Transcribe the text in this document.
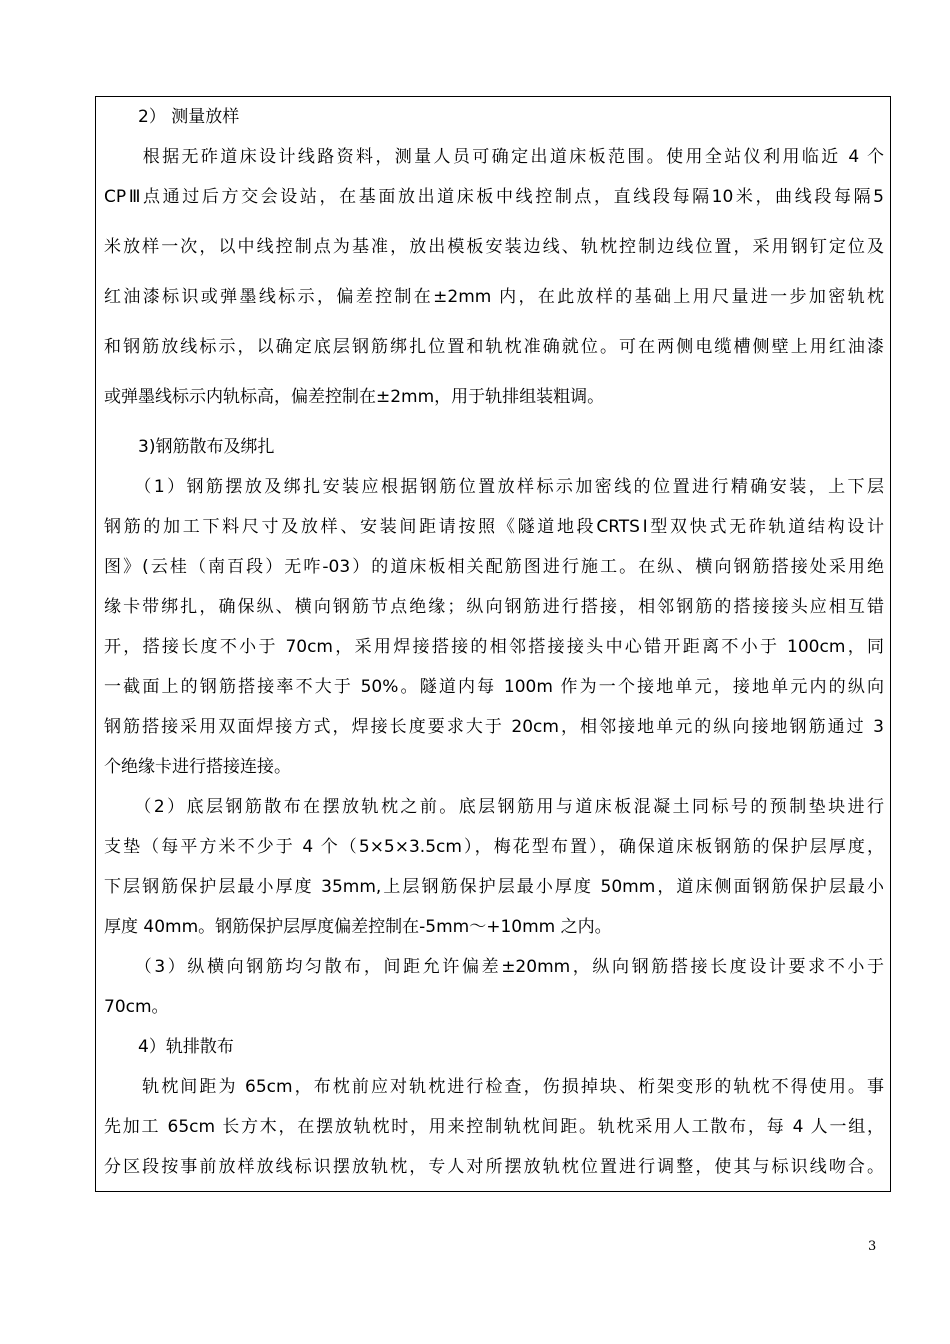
　　2） 测量放样
　　根据无砟道床设计线路资料，测量人员可确定出道床板范围。使用全站仪利用临近 4 个
CPⅢ点通过后方交会设站，在基面放出道床板中线控制点，直线段每隔10米，曲线段每隔5
米放样一次，以中线控制点为基准，放出模板安装边线、轨枕控制边线位置，采用钢钉定位及
红油漆标识或弹墨线标示，偏差控制在±2mm 内，在此放样的基础上用尺量进一步加密轨枕
和钢筋放线标示，以确定底层钢筋绑扎位置和轨枕准确就位。可在两侧电缆槽侧壁上用红油漆
或弹墨线标示内轨标高，偏差控制在±2mm，用于轨排组装粗调。
　　3)钢筋散布及绑扎
　　（1）钢筋摆放及绑扎安装应根据钢筋位置放样标示加密线的位置进行精确安装，上下层
钢筋的加工下料尺寸及放样、安装间距请按照《隧道地段CRTSⅠ型双快式无砟轨道结构设计
图》(云桂（南百段）无咋-03）的道床板相关配筋图进行施工。在纵、横向钢筋搭接处采用绝
缘卡带绑扎，确保纵、横向钢筋节点绝缘；纵向钢筋进行搭接，相邻钢筋的搭接接头应相互错
开，搭接长度不小于 70cm，采用焊接搭接的相邻搭接接头中心错开距离不小于 100cm，同
一截面上的钢筋搭接率不大于 50%。隧道内每 100m 作为一个接地单元，接地单元内的纵向
钢筋搭接采用双面焊接方式，焊接长度要求大于 20cm，相邻接地单元的纵向接地钢筋通过 3
个绝缘卡进行搭接连接。
　　（2）底层钢筋散布在摆放轨枕之前。底层钢筋用与道床板混凝土同标号的预制垫块进行
支垫（每平方米不少于 4 个（5×5×3.5cm），梅花型布置），确保道床板钢筋的保护层厚度，
下层钢筋保护层最小厚度 35mm,上层钢筋保护层最小厚度 50mm，道床侧面钢筋保护层最小
厚度 40mm。钢筋保护层厚度偏差控制在-5mm～+10mm 之内。
　　（3）纵横向钢筋均匀散布，间距允许偏差±20mm，纵向钢筋搭接长度设计要求不小于
70cm。
　　4）轨排散布
　　轨枕间距为 65cm，布枕前应对轨枕进行检查，伤损掉块、桁架变形的轨枕不得使用。事
先加工 65cm 长方木，在摆放轨枕时，用来控制轨枕间距。轨枕采用人工散布，每 4 人一组，
分区段按事前放样放线标识摆放轨枕，专人对所摆放轨枕位置进行调整，使其与标识线吻合。
3
